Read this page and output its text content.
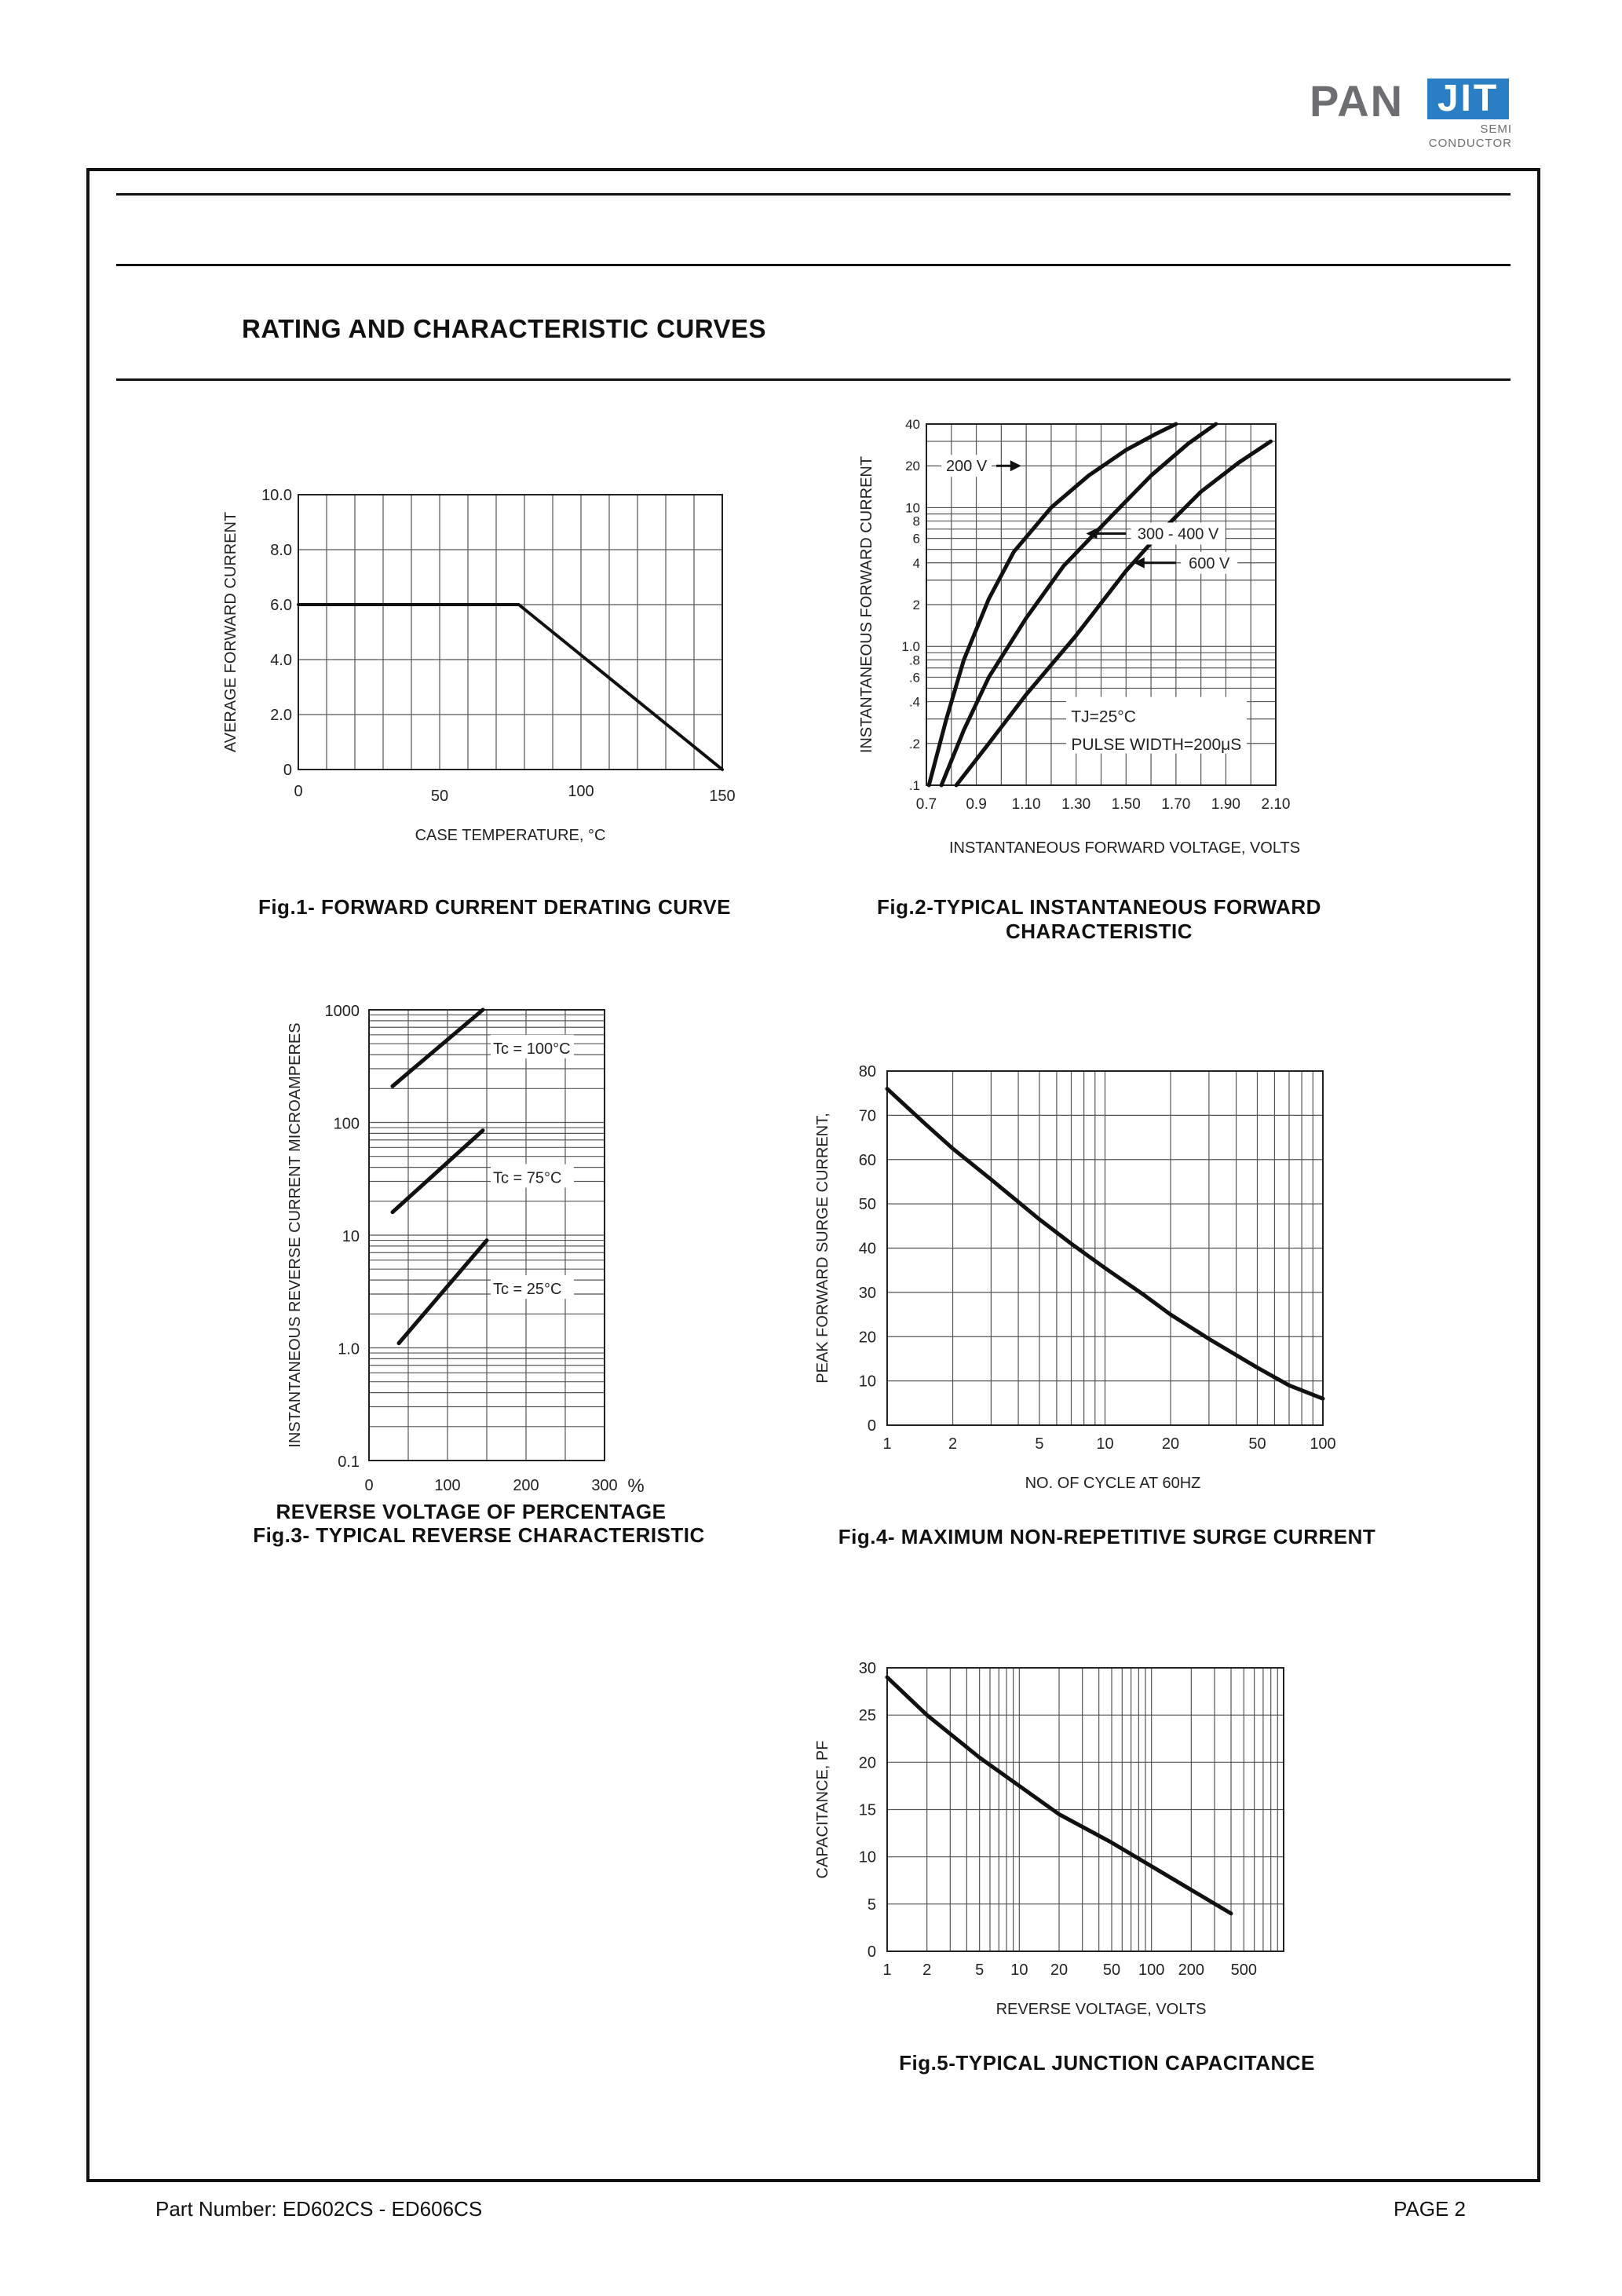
PAN JIT
SEMI
CONDUCTOR
RATING AND CHARACTERISTIC CURVES
0	50	100	150
0
2.0
4.0
6.0
8.0
10.0
CASE TEMPERATURE, °C
AVERAGE FORWARD CURRENT
Fig.1- FORWARD CURRENT DERATING CURVE
0.7 0.9 1.10 1.30 1.50 1.70 1.90 2.10
.1
.2
.4
.6
.8
1.0
2
4
6
8
10
20
40
INSTANTANEOUS FORWARD VOLTAGE, VOLTS
INSTANTANEOUS FORWARD CURRENT	200 V
300 - 400 V
600 V
TJ=25°C
PULSE WIDTH=200μS
Fig.2-TYPICAL INSTANTANEOUS FORWARD CHARACTERISTIC
0	100	200	300 %
0.1
1.0
10
100
1000
INSTANTANEOUS REVERSE CURRENT MICROAMPERES	Tc = 100°C
Tc = 75°C
Tc = 25°C
REVERSE VOLTAGE OF PERCENTAGE
Fig.3- TYPICAL REVERSE CHARACTERISTIC
1	2	5	10	20	50	100
0
10
20
30
40
50
60
70
80
NO. OF CYCLE AT 60HZ
PEAK FORWARD SURGE CURRENT,
Fig.4- MAXIMUM NON-REPETITIVE SURGE CURRENT
1 2	5 10 20 50 100 200 500
0
5
10
15
20
25
30
REVERSE VOLTAGE, VOLTS
CAPACITANCE, PF
Fig.5-TYPICAL JUNCTION CAPACITANCE
Part Number: ED602CS - ED606CS	PAGE 2
